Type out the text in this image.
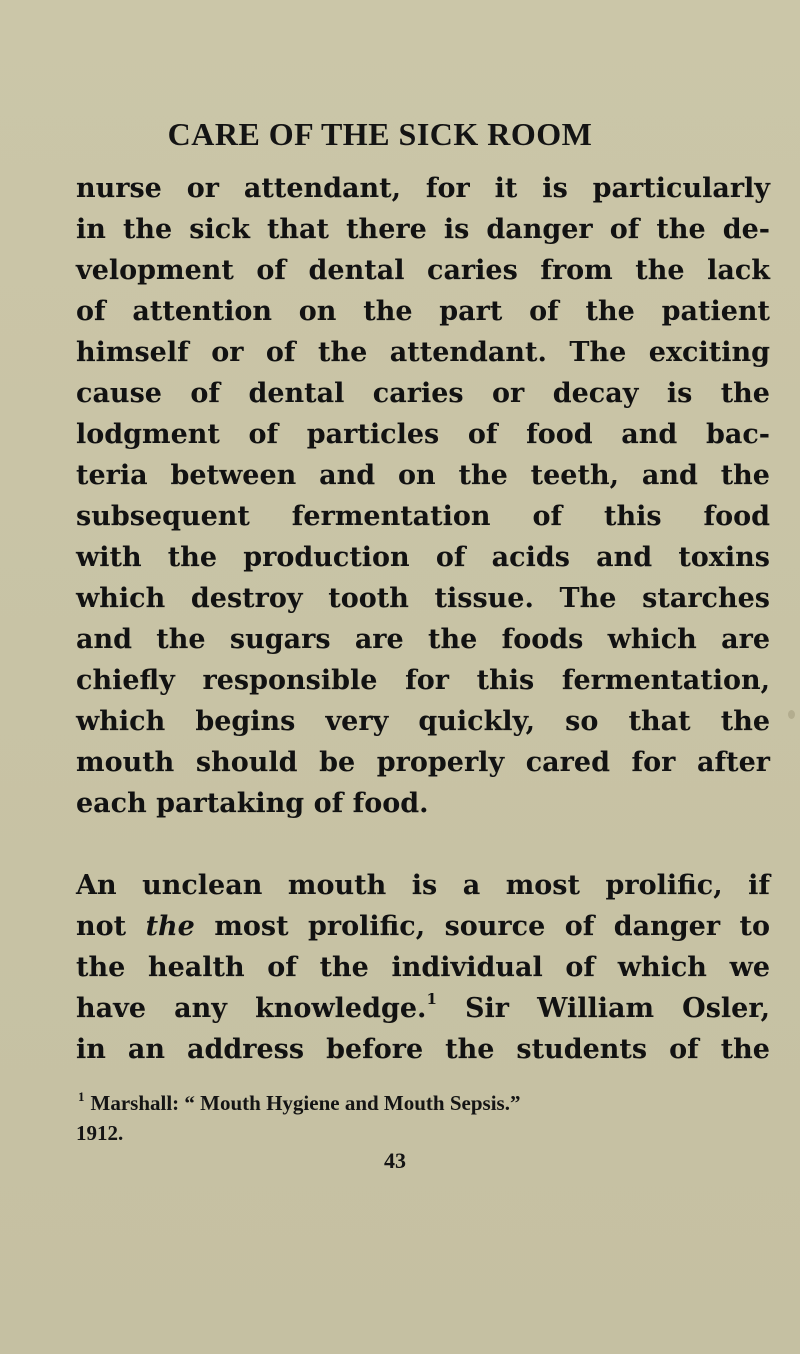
CARE OF THE SICK ROOM
nurse or attendant, for it is particularly
in the sick that there is danger of the de-
velopment of dental caries from the lack
of attention on the part of the patient
himself or of the attendant. The exciting
cause of dental caries or decay is the
lodgment of particles of food and bac-
teria between and on the teeth, and the
subsequent fermentation of this food
with the production of acids and toxins
which destroy tooth tissue. The starches
and the sugars are the foods which are
chiefly responsible for this fermentation,
which begins very quickly, so that the
mouth should be properly cared for after
each partaking of food.
An unclean mouth is a most prolific, if
not the most prolific, source of danger to
the health of the individual of which we
have any knowledge.$^1$ Sir William Osler,
in an address before the students of the
$^1$ Marshall: “ Mouth Hygiene and Mouth Sepsis.”
1912.
43
